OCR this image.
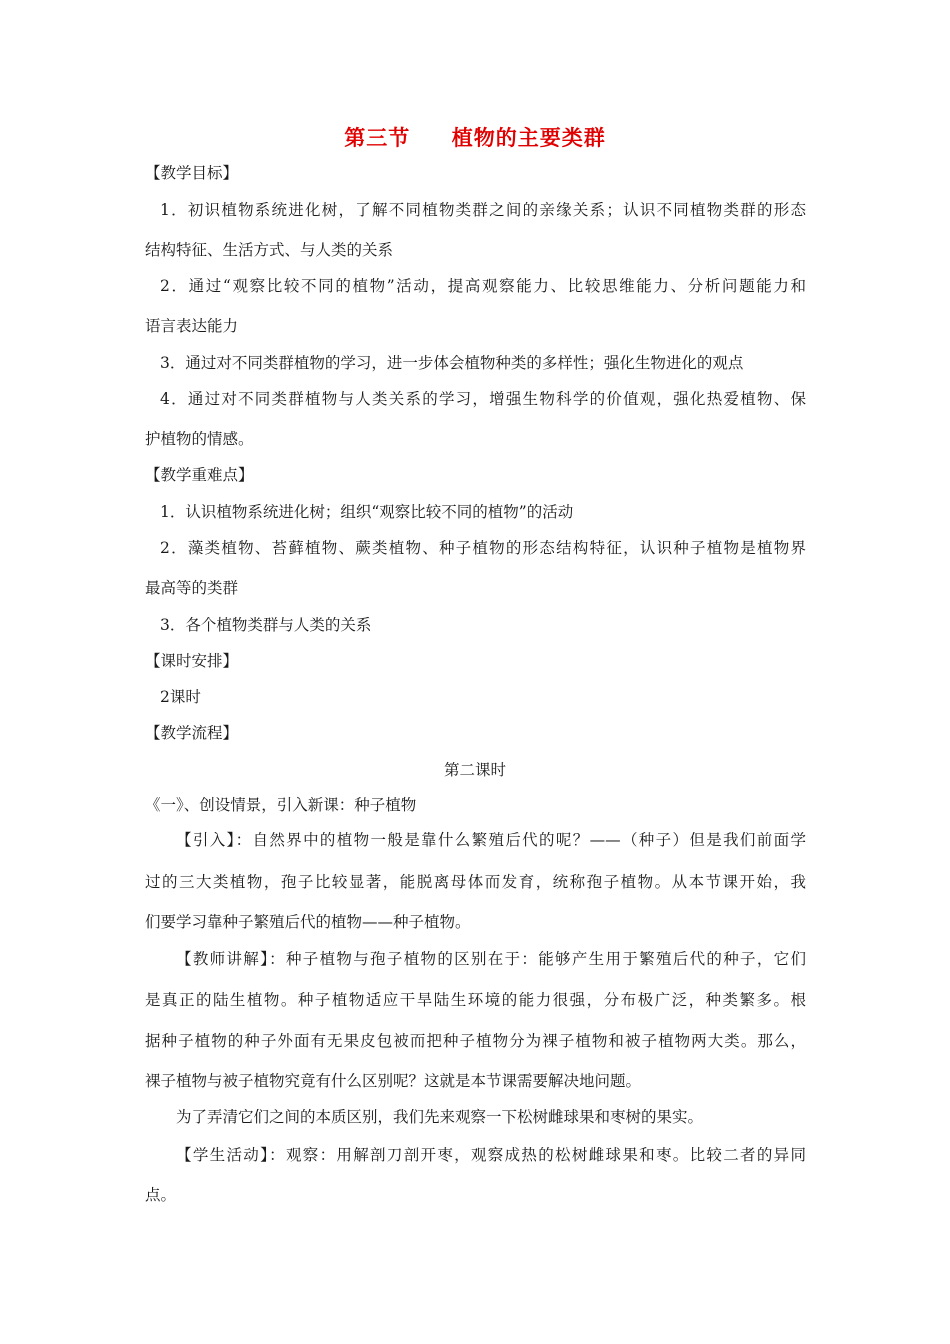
第三节     植物的主要类群
【教学目标】
1．初识植物系统进化树，了解不同植物类群之间的亲缘关系；认识不同植物类群的形态
结构特征、生活方式、与人类的关系
2．通过“观察比较不同的植物”活动，提高观察能力、比较思维能力、分析问题能力和
语言表达能力
3．通过对不同类群植物的学习，进一步体会植物种类的多样性；强化生物进化的观点
4．通过对不同类群植物与人类关系的学习，增强生物科学的价值观，强化热爱植物、保
护植物的情感。
【教学重难点】
1．认识植物系统进化树；组织“观察比较不同的植物”的活动
2．藻类植物、苔藓植物、蕨类植物、种子植物的形态结构特征，认识种子植物是植物界
最高等的类群
3．各个植物类群与人类的关系
【课时安排】
2课时
【教学流程】
第二课时
《一》、创设情景，引入新课：种子植物
【引入】：自然界中的植物一般是靠什么繁殖后代的呢？——（种子）但是我们前面学
过的三大类植物，孢子比较显著，能脱离母体而发育，统称孢子植物。从本节课开始，我
们要学习靠种子繁殖后代的植物——种子植物。
【教师讲解】：种子植物与孢子植物的区别在于：能够产生用于繁殖后代的种子，它们
是真正的陆生植物。种子植物适应干旱陆生环境的能力很强，分布极广泛，种类繁多。根
据种子植物的种子外面有无果皮包被而把种子植物分为裸子植物和被子植物两大类。那么，
裸子植物与被子植物究竟有什么区别呢？这就是本节课需要解决地问题。
为了弄清它们之间的本质区别，我们先来观察一下松树雌球果和枣树的果实。
【学生活动】：观察：用解剖刀剖开枣，观察成热的松树雌球果和枣。比较二者的异同
点。
